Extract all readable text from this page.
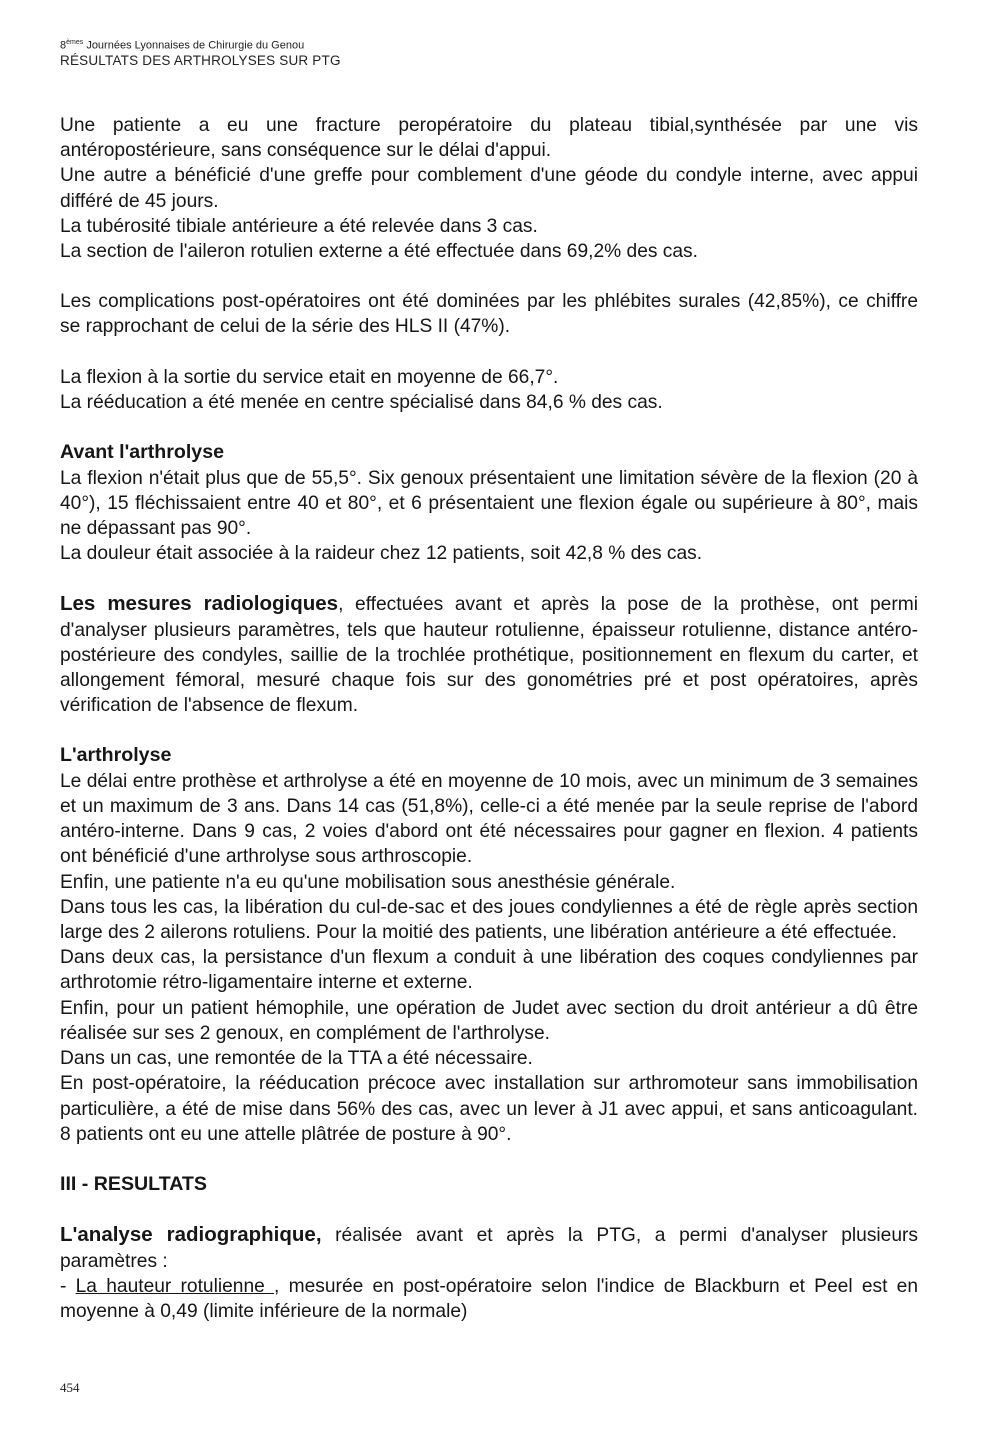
8èmes Journées Lyonnaises de Chirurgie du Genou
RÉSULTATS DES ARTHROLYSES SUR PTG

Une patiente a eu une fracture peropératoire du plateau tibial,synthésée par une vis antéropostérieure, sans conséquence sur le délai d'appui.

Une autre a bénéficié d'une greffe pour comblement d'une géode du condyle interne, avec appui différé de 45 jours.

La tubérosité tibiale antérieure a été relevée dans 3 cas.

La section de l'aileron rotulien externe a été effectuée dans 69,2% des cas.

Les complications post-opératoires ont été dominées par les phlébites surales (42,85%), ce chiffre se rapprochant de celui de la série des HLS II (47%).

La flexion à la sortie du service etait en moyenne de 66,7°.

La rééducation a été menée en centre spécialisé dans 84,6 % des cas.

Avant l'arthrolyse

La flexion n'était plus que de 55,5°. Six genoux présentaient une limitation sévère de la flexion (20 à 40°), 15 fléchissaient entre 40 et 80°, et 6 présentaient une flexion égale ou supérieure à 80°, mais ne dépassant pas 90°.

La douleur était associée à la raideur chez 12 patients, soit 42,8 % des cas.

Les mesures radiologiques, effectuées avant et après la pose de la prothèse, ont permi d'analyser plusieurs paramètres, tels que hauteur rotulienne, épaisseur rotulienne, distance antéro-postérieure des condyles, saillie de la trochlée prothétique, positionnement en flexum du carter, et allongement fémoral, mesuré chaque fois sur des gonométries pré et post opératoires, après vérification de l'absence de flexum.

L'arthrolyse

Le délai entre prothèse et arthrolyse a été en moyenne de 10 mois, avec un minimum de 3 semaines et un maximum de 3 ans. Dans 14 cas (51,8%), celle-ci a été menée par la seule reprise de l'abord antéro-interne. Dans 9 cas, 2 voies d'abord ont été nécessaires pour gagner en flexion. 4 patients ont bénéficié d'une arthrolyse sous arthroscopie.

Enfin, une patiente n'a eu qu'une mobilisation sous anesthésie générale.

Dans tous les cas, la libération du cul-de-sac et des joues condyliennes a été de règle après section large des 2 ailerons rotuliens. Pour la moitié des patients, une libération antérieure a été effectuée.

Dans deux cas, la persistance d'un flexum a conduit à une libération des coques condyliennes par arthrotomie rétro-ligamentaire interne et externe.

Enfin, pour un patient hémophile, une opération de Judet avec section du droit antérieur a dû être réalisée sur ses 2 genoux, en complément de l'arthrolyse.

Dans un cas, une remontée de la TTA a été nécessaire.

En post-opératoire, la rééducation précoce avec installation sur arthromoteur sans immobilisation particulière, a été de mise dans 56% des cas, avec un lever à J1 avec appui, et sans anticoagulant. 8 patients ont eu une attelle plâtrée de posture à 90°.

III - RESULTATS

L'analyse radiographique, réalisée avant et après la PTG, a permi d'analyser plusieurs paramètres :

- La hauteur rotulienne , mesurée en post-opératoire selon l'indice de Blackburn et Peel est en moyenne à 0,49 (limite inférieure de la normale)

454
